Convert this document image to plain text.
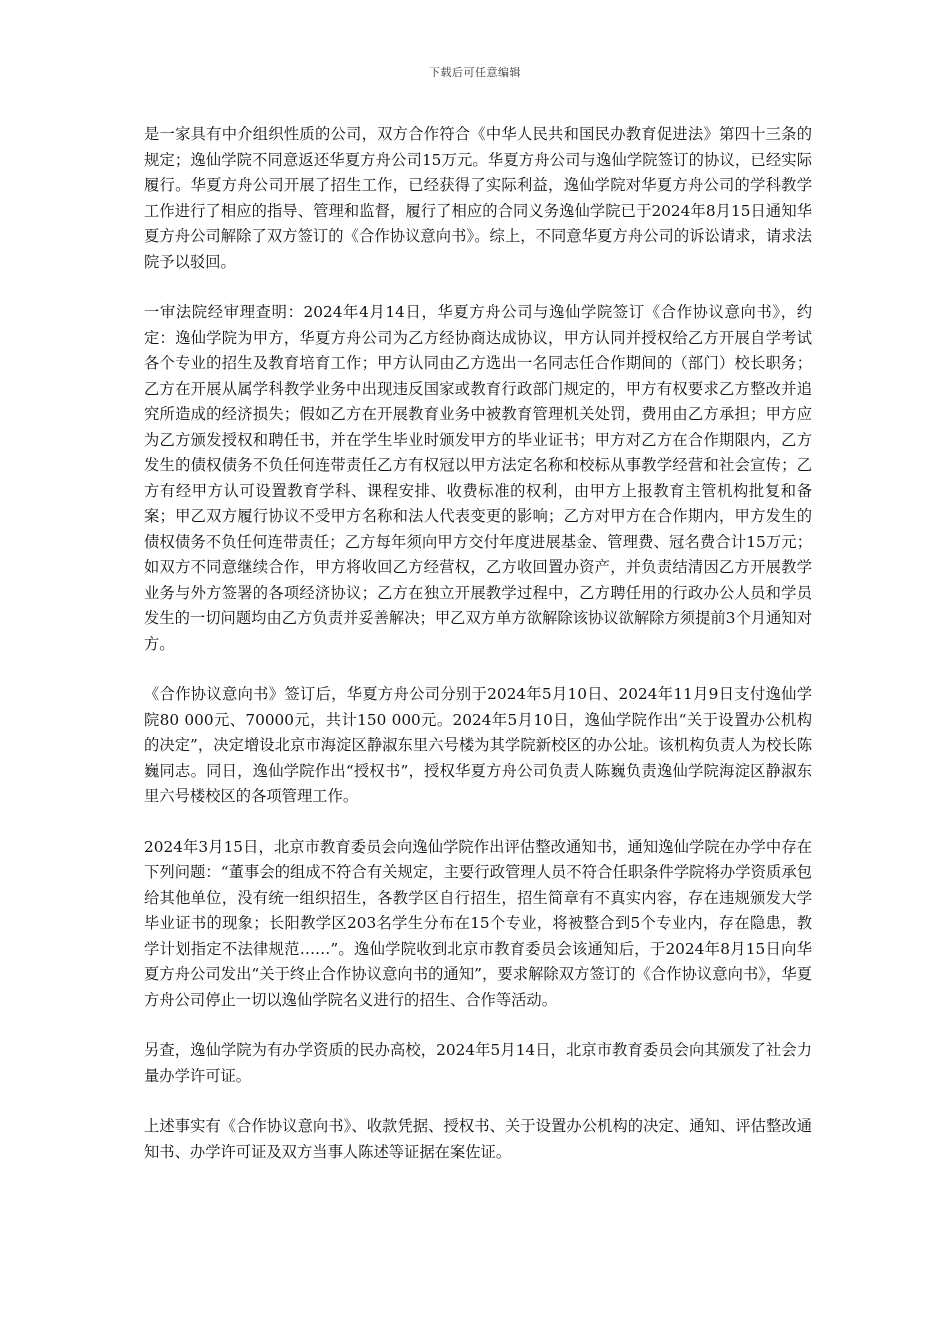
下载后可任意编辑

是一家具有中介组织性质的公司，双方合作符合《中华人民共和国民办教育促进法》第四十三条的规定；逸仙学院不同意返还华夏方舟公司15万元。华夏方舟公司与逸仙学院签订的协议，已经实际履行。华夏方舟公司开展了招生工作，已经获得了实际利益，逸仙学院对华夏方舟公司的学科教学工作进行了相应的指导、管理和监督，履行了相应的合同义务逸仙学院已于2024年8月15日通知华夏方舟公司解除了双方签订的《合作协议意向书》。综上，不同意华夏方舟公司的诉讼请求，请求法院予以驳回。

一审法院经审理查明：2024年4月14日，华夏方舟公司与逸仙学院签订《合作协议意向书》，约定：逸仙学院为甲方，华夏方舟公司为乙方经协商达成协议，甲方认同并授权给乙方开展自学考试各个专业的招生及教育培育工作；甲方认同由乙方选出一名同志任合作期间的（部门）校长职务；乙方在开展从属学科教学业务中出现违反国家或教育行政部门规定的，甲方有权要求乙方整改并追究所造成的经济损失；假如乙方在开展教育业务中被教育管理机关处罚，费用由乙方承担；甲方应为乙方颁发授权和聘任书，并在学生毕业时颁发甲方的毕业证书；甲方对乙方在合作期限内，乙方发生的债权债务不负任何连带责任乙方有权冠以甲方法定名称和校标从事教学经营和社会宣传；乙方有经甲方认可设置教育学科、课程安排、收费标准的权利，由甲方上报教育主管机构批复和备案；甲乙双方履行协议不受甲方名称和法人代表变更的影响；乙方对甲方在合作期内，甲方发生的债权债务不负任何连带责任；乙方每年须向甲方交付年度进展基金、管理费、冠名费合计15万元；如双方不同意继续合作，甲方将收回乙方经营权，乙方收回置办资产，并负责结清因乙方开展教学业务与外方签署的各项经济协议；乙方在独立开展教学过程中，乙方聘任用的行政办公人员和学员发生的一切问题均由乙方负责并妥善解决；甲乙双方单方欲解除该协议欲解除方须提前3个月通知对方。

《合作协议意向书》签订后，华夏方舟公司分别于2024年5月10日、2024年11月9日支付逸仙学院80 000元、70000元，共计150 000元。2024年5月10日，逸仙学院作出“关于设置办公机构的决定”，决定增设北京市海淀区静淑东里六号楼为其学院新校区的办公址。该机构负责人为校长陈巍同志。同日，逸仙学院作出“授权书”，授权华夏方舟公司负责人陈巍负责逸仙学院海淀区静淑东里六号楼校区的各项管理工作。

2024年3月15日，北京市教育委员会向逸仙学院作出评估整改通知书，通知逸仙学院在办学中存在下列问题：“董事会的组成不符合有关规定，主要行政管理人员不符合任职条件学院将办学资质承包给其他单位，没有统一组织招生，各教学区自行招生，招生简章有不真实内容，存在违规颁发大学毕业证书的现象；长阳教学区203名学生分布在15个专业，将被整合到5个专业内，存在隐患，教学计划指定不法律规范……”。逸仙学院收到北京市教育委员会该通知后，于2024年8月15日向华夏方舟公司发出“关于终止合作协议意向书的通知”，要求解除双方签订的《合作协议意向书》，华夏方舟公司停止一切以逸仙学院名义进行的招生、合作等活动。

另查，逸仙学院为有办学资质的民办高校，2024年5月14日，北京市教育委员会向其颁发了社会力量办学许可证。

上述事实有《合作协议意向书》、收款凭据、授权书、关于设置办公机构的决定、通知、评估整改通知书、办学许可证及双方当事人陈述等证据在案佐证。
